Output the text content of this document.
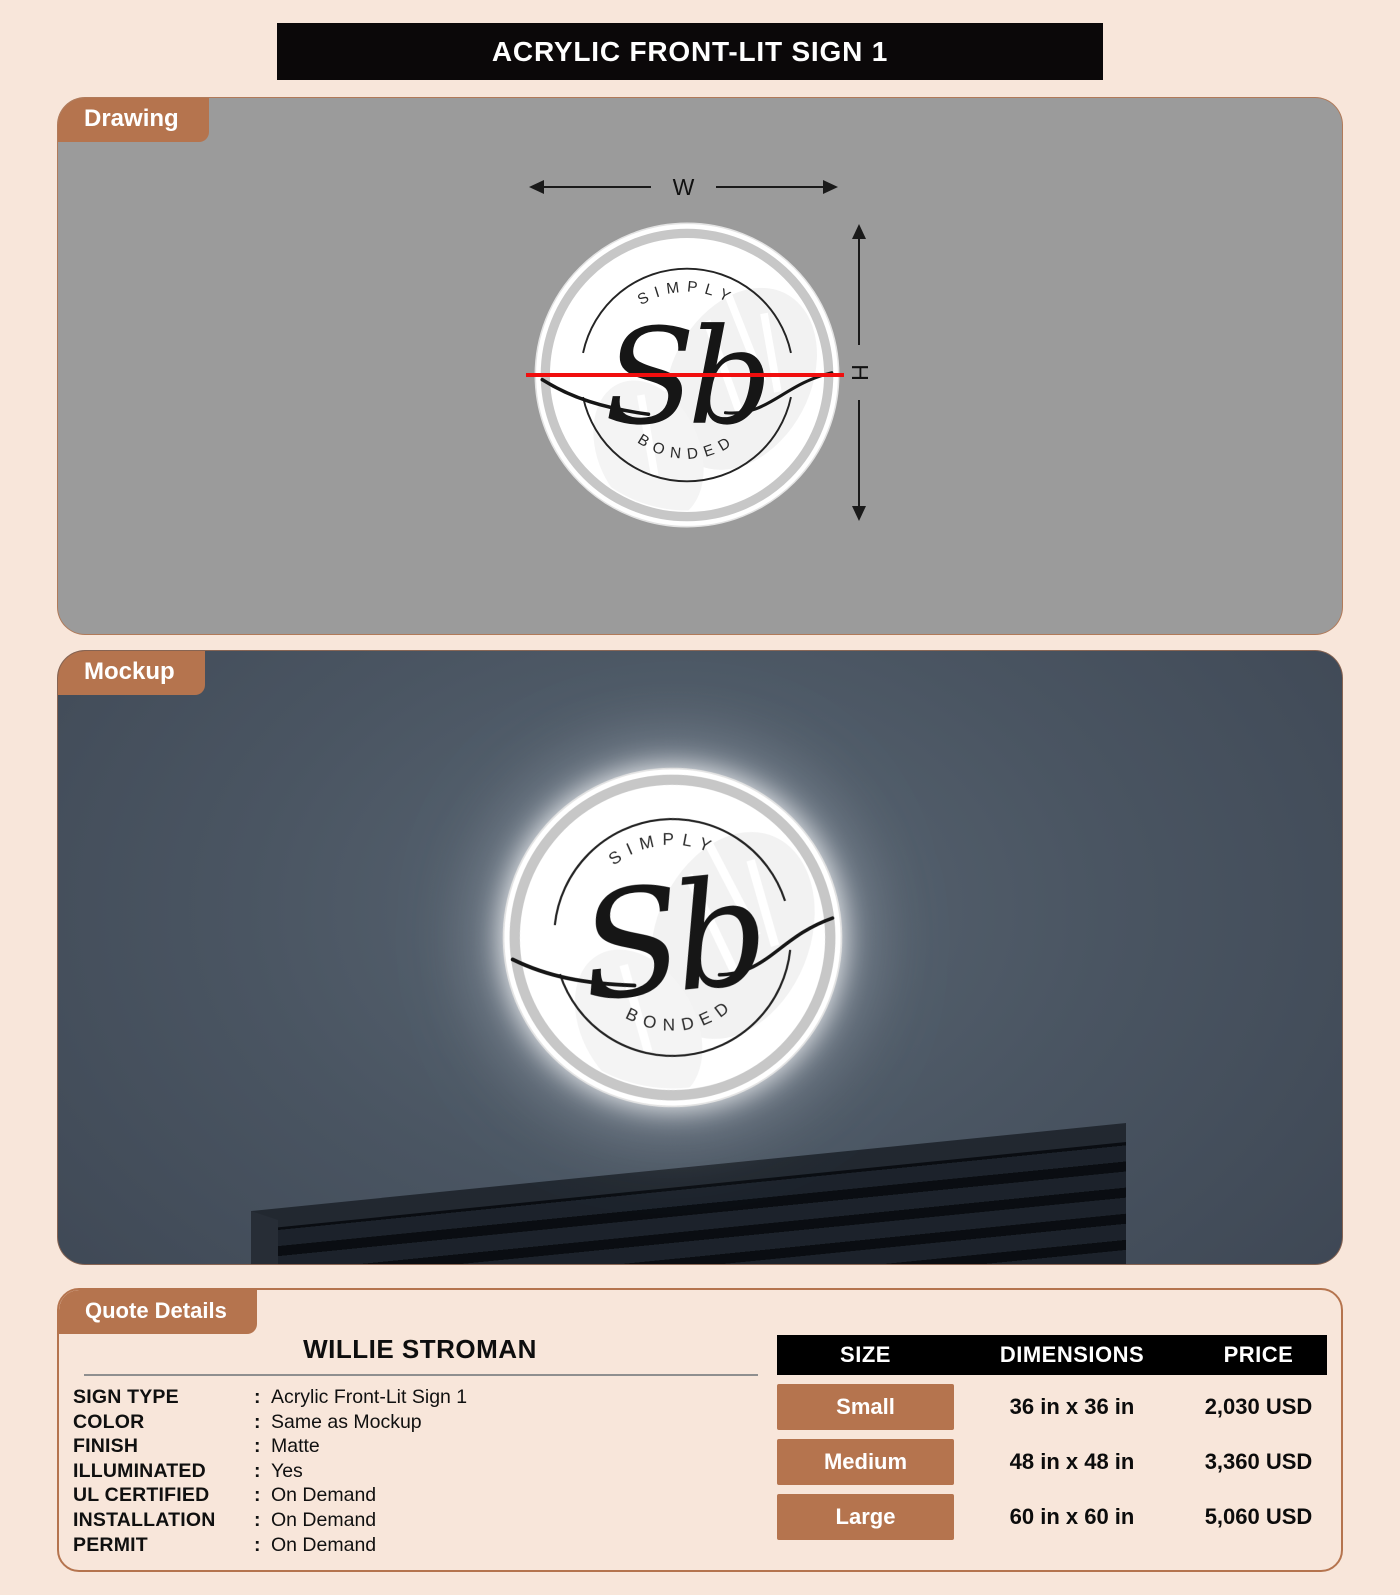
ACRYLIC FRONT-LIT SIGN 1
Drawing
W
H
Mockup
Quote Details
WILLIE STROMAN
SIGN TYPE	: Acrylic Front-Lit Sign 1
COLOR	: Same as Mockup
FINISH	: Matte
ILLUMINATED	: Yes
UL CERTIFIED	: On Demand
INSTALLATION	: On Demand
PERMIT	: On Demand
SIZE	DIMENSIONS	PRICE
Small	36 in x 36 in	2,030 USD
Medium	48 in x 48 in	3,360 USD
Large	60 in x 60 in	5,060 USD
